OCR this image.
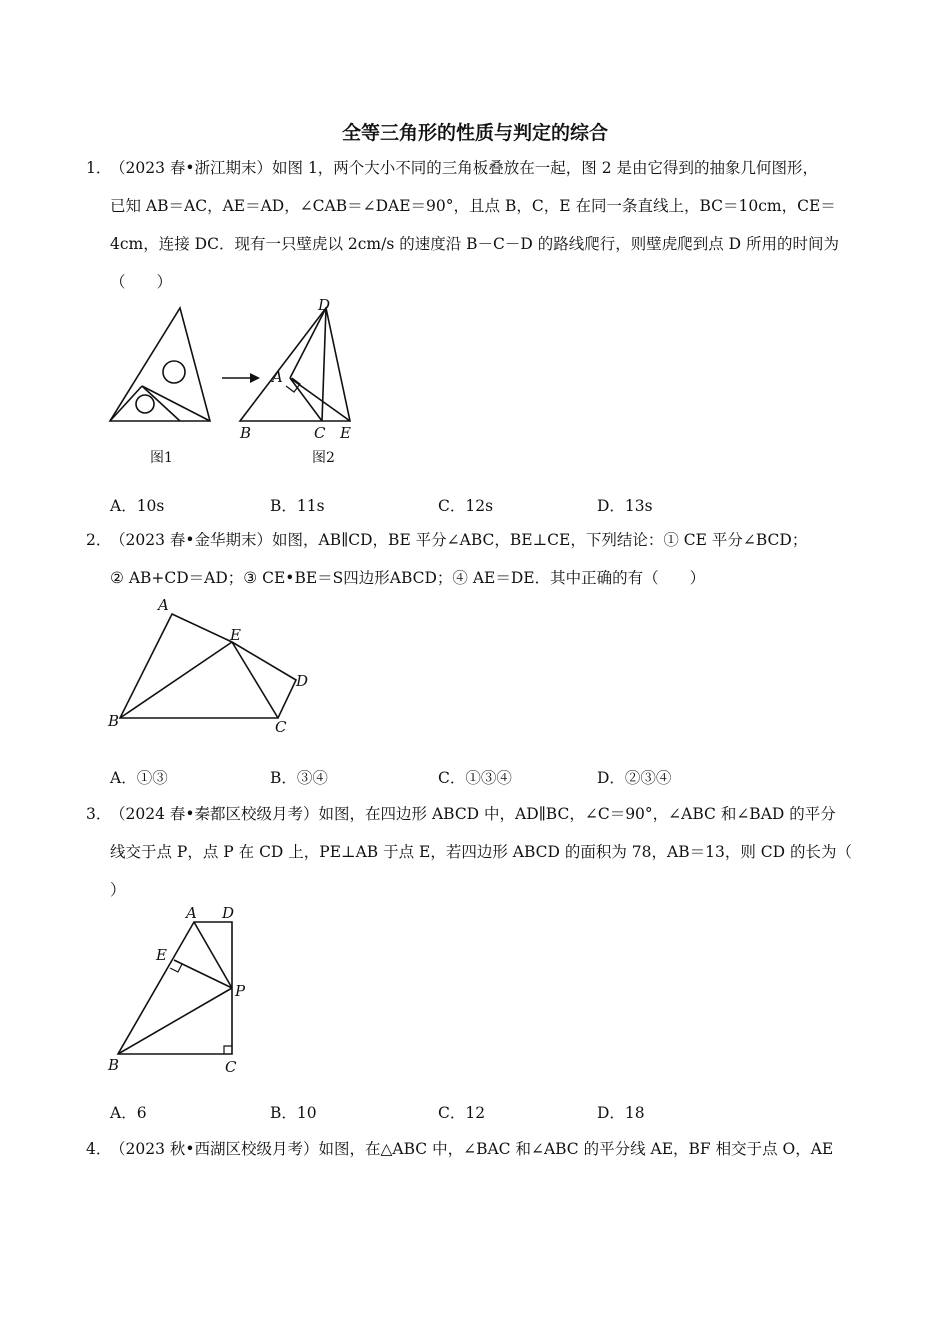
全等三角形的性质与判定的综合
1．
（2023 春•浙江期末）如图 1，两个大小不同的三角板叠放在一起，图 2 是由它得到的抽象几何图形，
已知 AB＝AC，AE＝AD，∠CAB＝∠DAE＝90°，且点 B，C，E 在同一条直线上，BC＝10cm，CE＝
4cm，连接 DC．现有一只壁虎以 2cm/s 的速度沿 B－C－D 的路线爬行，则壁虎爬到点 D 所用的时间为
（　　）
D
A
B	C E
图1	图2
A．10s	B．11s	C．12s	D．13s
2．
（2023 春•金华期末）如图，AB∥CD，BE 平分∠ABC，BE⊥CE，下列结论：① CE 平分∠BCD；
② AB+CD＝AD；③ CE•BE＝S四边形ABCD；④ AE＝DE．其中正确的有（　　）
A
E
D
B	C
A．①③	B．③④	C．①③④	D．②③④
3．
（2024 春•秦都区校级月考）如图，在四边形 ABCD 中，AD∥BC，∠C＝90°，∠ABC 和∠BAD 的平分
线交于点 P，点 P 在 CD 上，PE⊥AB 于点 E，若四边形 ABCD 的面积为 78，AB＝13，则 CD 的长为（
）
A D
E
P
B	C
A．6	B．10	C．12	D．18
4．
（2023 秋•西湖区校级月考）如图，在△ABC 中，∠BAC 和∠ABC 的平分线 AE，BF 相交于点 O，AE
